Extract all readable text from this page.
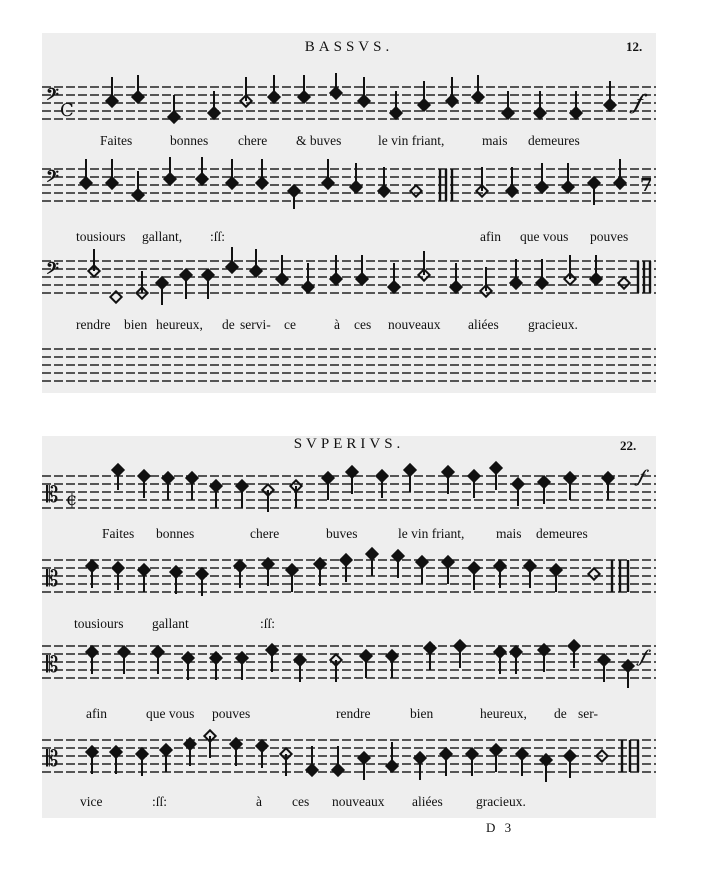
BASSVS.	12.
𝄢
C	𝆑
Faites	bonnes chere & buves	le vin friant,	mais demeures
𝄢	7
tousiours gallant, :ſſ:	afin que vous pouves
𝄢
rendre bien heureux, de servi- ce	à ces nouveaux aliées gracieux.
SVPERIVS.	22.
𝄡 ¢
𝆑
Faites bonnes	chere	buves	le vin friant, mais demeures
𝄡
tousiours gallant	:ſſ:
𝄡	𝆑
afin	que vous pouves	rendre	bien	heureux, de ser-
𝄡
vice	:ſſ:	à ces nouveaux aliées gracieux.
D 3
